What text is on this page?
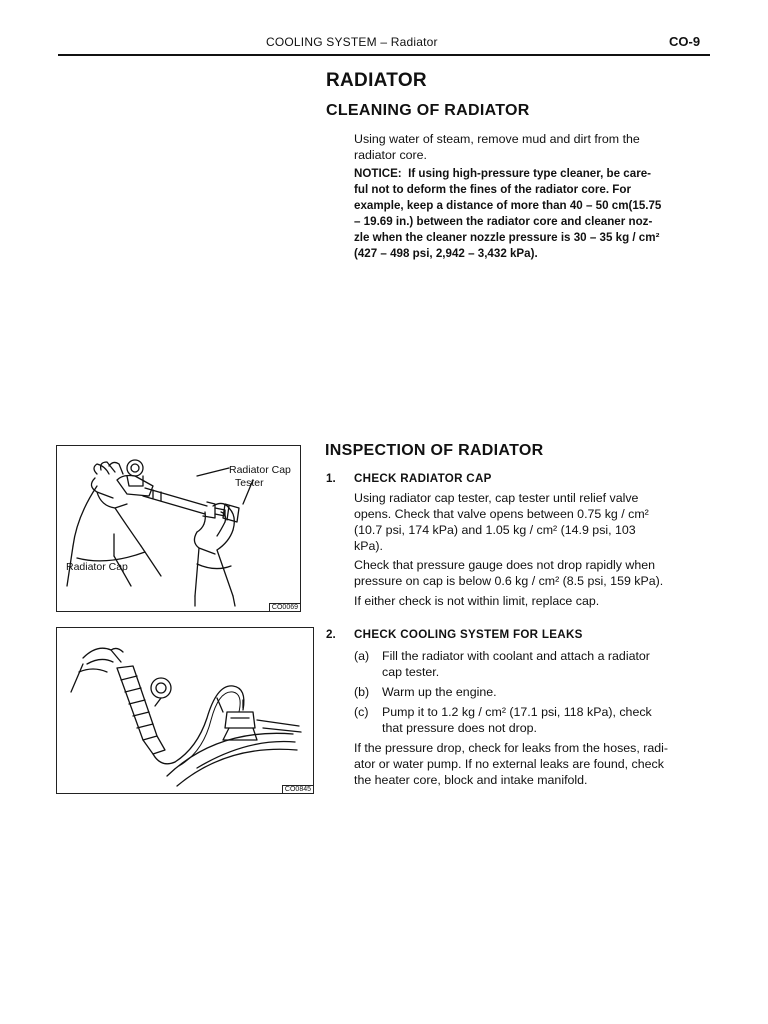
COOLING SYSTEM – Radiator	CO-9
RADIATOR
CLEANING OF RADIATOR
Using water of steam, remove mud and dirt from the
radiator core.
NOTICE: If using high-pressure type cleaner, be care-
ful not to deform the fines of the radiator core. For
example, keep a distance of more than 40 – 50 cm(15.75
– 19.69 in.) between the radiator core and cleaner noz-
zle when the cleaner nozzle pressure is 30 – 35 kg / cm²
(427 – 498 psi, 2,942 – 3,432 kPa).
INSPECTION OF RADIATOR
1. CHECK RADIATOR CAP
Using radiator cap tester, cap tester until relief valve
opens. Check that valve opens between 0.75 kg / cm²
(10.7 psi, 174 kPa) and 1.05 kg / cm² (14.9 psi, 103
kPa).
Check that pressure gauge does not drop rapidly when
pressure on cap is below 0.6 kg / cm² (8.5 psi, 159 kPa).
If either check is not within limit, replace cap.
2. CHECK COOLING SYSTEM FOR LEAKS
(a) Fill the radiator with coolant and attach a radiator
cap tester.
(b) Warm up the engine.
(c) Pump it to 1.2 kg / cm² (17.1 psi, 118 kPa), check
that pressure does not drop.
If the pressure drop, check for leaks from the hoses, radi-
ator or water pump. If no external leaks are found, check
the heater core, block and intake manifold.
Radiator Cap
Tester
Radiator Cap
CO0069
CO0845
